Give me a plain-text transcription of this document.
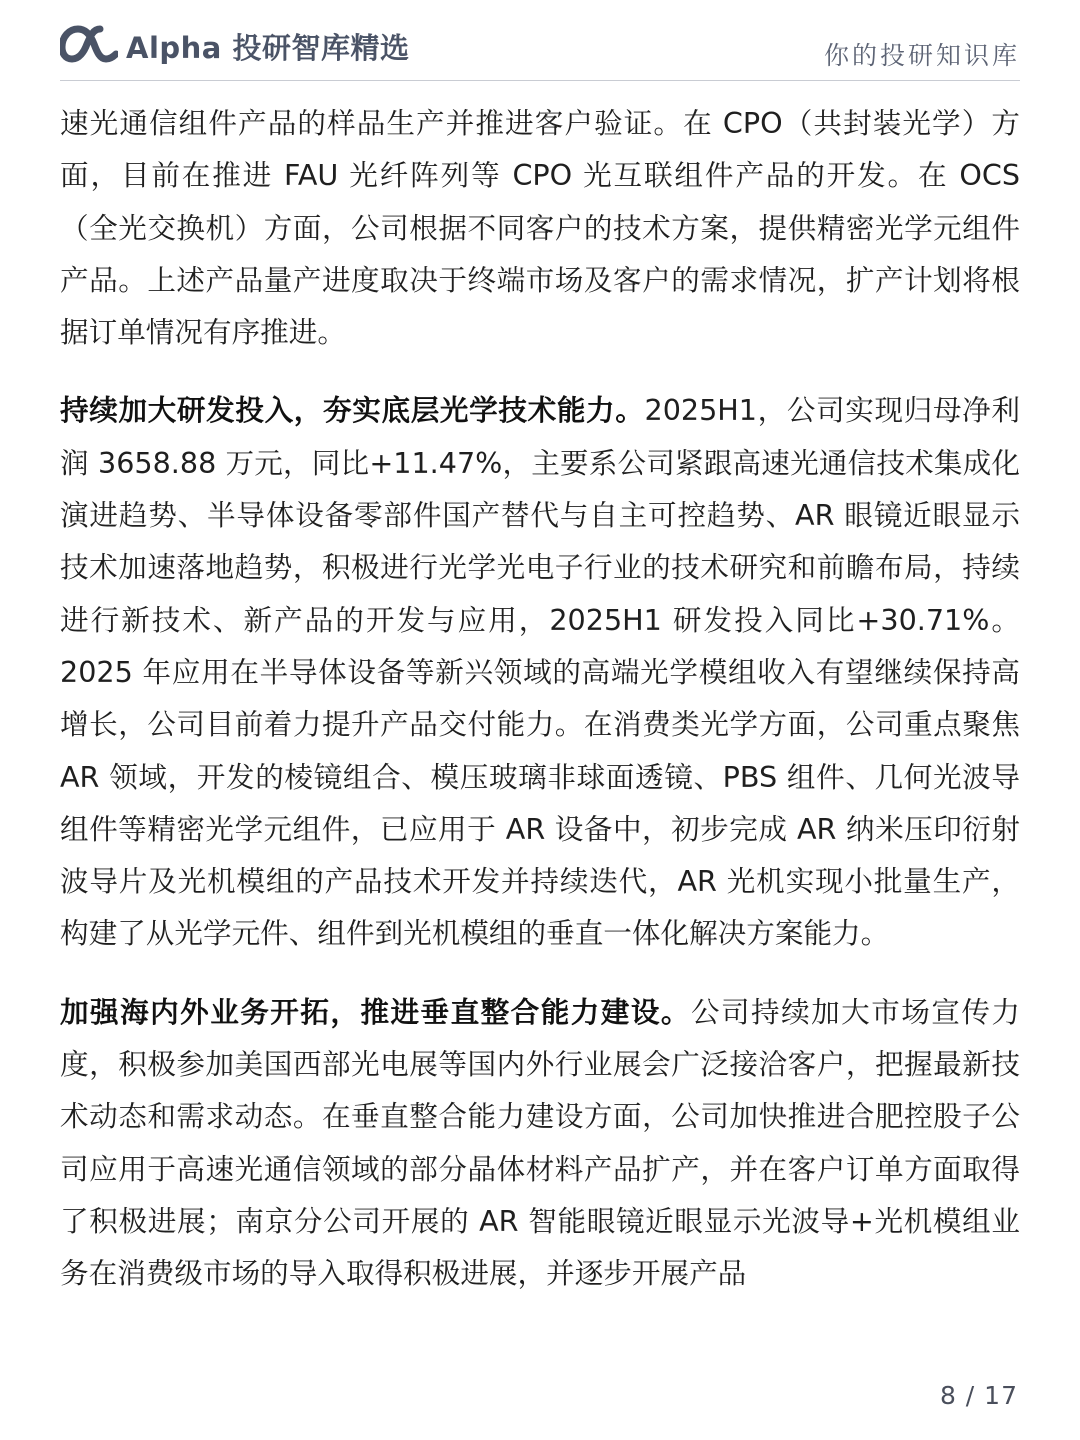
Alpha 投研智库精选	你的投研知识库

速光通信组件产品的样品生产并推进客户验证。在 CPO（共封装光学）方面，目前在推进 FAU 光纤阵列等 CPO 光互联组件产品的开发。在 OCS（全光交换机）方面，公司根据不同客户的技术方案，提供精密光学元组件产品。上述产品量产进度取决于终端市场及客户的需求情况，扩产计划将根据订单情况有序推进。

持续加大研发投入，夯实底层光学技术能力。2025H1，公司实现归母净利润 3658.88 万元，同比+11.47%，主要系公司紧跟高速光通信技术集成化演进趋势、半导体设备零部件国产替代与自主可控趋势、AR 眼镜近眼显示技术加速落地趋势，积极进行光学光电子行业的技术研究和前瞻布局，持续进行新技术、新产品的开发与应用，2025H1 研发投入同比+30.71%。2025 年应用在半导体设备等新兴领域的高端光学模组收入有望继续保持高增长，公司目前着力提升产品交付能力。在消费类光学方面，公司重点聚焦 AR 领域，开发的棱镜组合、模压玻璃非球面透镜、PBS 组件、几何光波导组件等精密光学元组件，已应用于 AR 设备中，初步完成 AR 纳米压印衍射波导片及光机模组的产品技术开发并持续迭代，AR 光机实现小批量生产，构建了从光学元件、组件到光机模组的垂直一体化解决方案能力。

加强海内外业务开拓，推进垂直整合能力建设。公司持续加大市场宣传力度，积极参加美国西部光电展等国内外行业展会广泛接洽客户，把握最新技术动态和需求动态。在垂直整合能力建设方面，公司加快推进合肥控股子公司应用于高速光通信领域的部分晶体材料产品扩产，并在客户订单方面取得了积极进展；南京分公司开展的 AR 智能眼镜近眼显示光波导+光机模组业务在消费级市场的导入取得积极进展，并逐步开展产品

8 / 17
